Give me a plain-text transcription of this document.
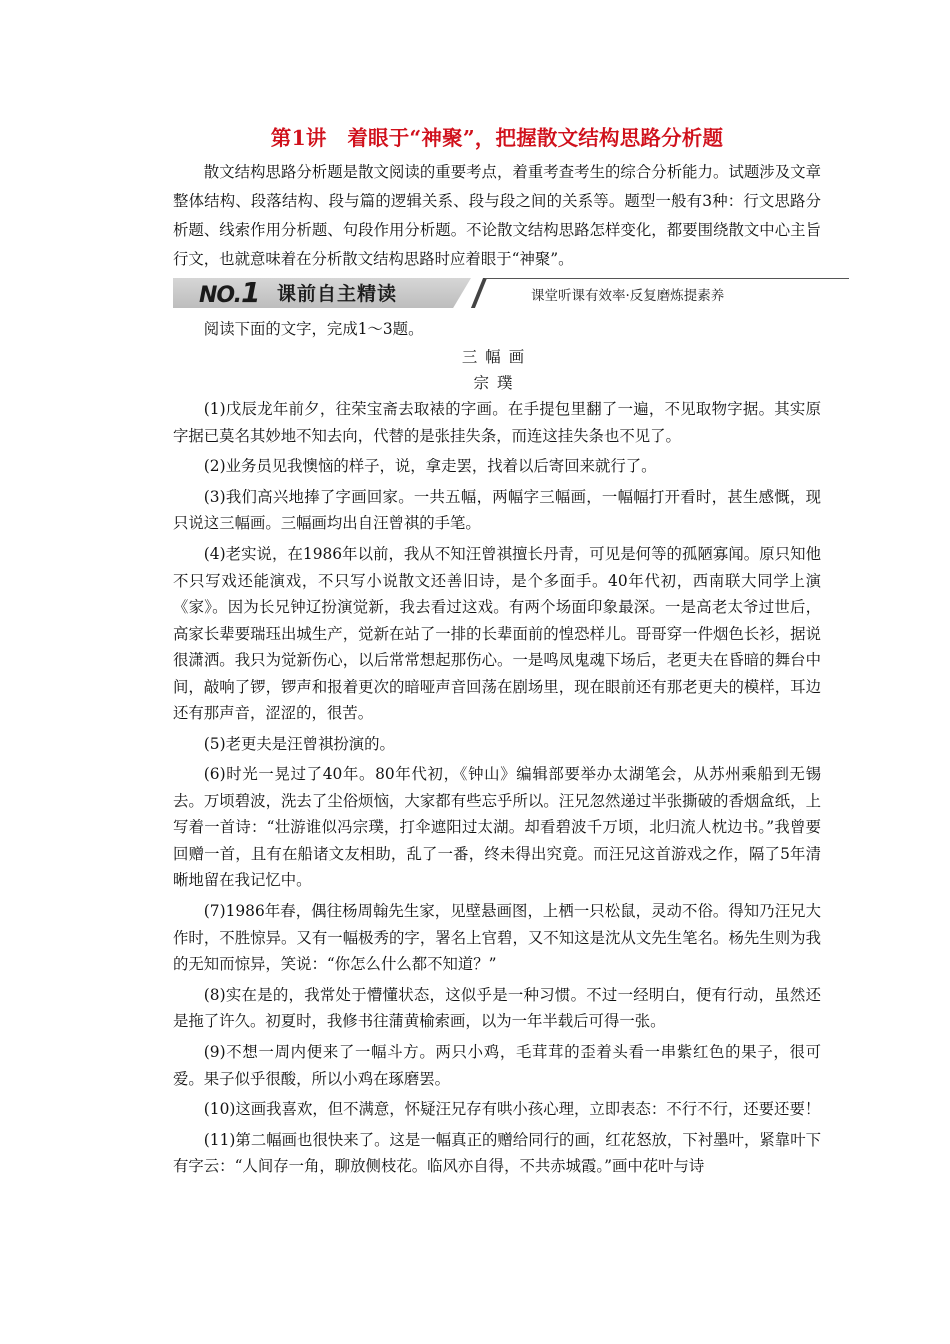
第1讲　着眼于“神聚”，把握散文结构思路分析题

散文结构思路分析题是散文阅读的重要考点，着重考查考生的综合分析能力。试题涉及文章整体结构、段落结构、段与篇的逻辑关系、段与段之间的关系等。题型一般有3种：行文思路分析题、线索作用分析题、句段作用分析题。不论散文结构思路怎样变化，都要围绕散文中心主旨行文，也就意味着在分析散文结构思路时应着眼于“神聚”。

NO.1 课前自主精读	课堂听课有效率·反复磨炼提素养

阅读下面的文字，完成1～3题。

三幅画
宗璞

(1)戊辰龙年前夕，往荣宝斋去取裱的字画。在手提包里翻了一遍，不见取物字据。其实原字据已莫名其妙地不知去向，代替的是张挂失条，而连这挂失条也不见了。

(2)业务员见我懊恼的样子，说，拿走罢，找着以后寄回来就行了。

(3)我们高兴地捧了字画回家。一共五幅，两幅字三幅画，一幅幅打开看时，甚生感慨，现只说这三幅画。三幅画均出自汪曾祺的手笔。

(4)老实说，在1986年以前，我从不知汪曾祺擅长丹青，可见是何等的孤陋寡闻。原只知他不只写戏还能演戏，不只写小说散文还善旧诗，是个多面手。40年代初，西南联大同学上演《家》。因为长兄钟辽扮演觉新，我去看过这戏。有两个场面印象最深。一是高老太爷过世后，高家长辈要瑞珏出城生产，觉新在站了一排的长辈面前的惶恐样儿。哥哥穿一件烟色长衫，据说很潇洒。我只为觉新伤心，以后常常想起那伤心。一是鸣凤鬼魂下场后，老更夫在昏暗的舞台中间，敲响了锣，锣声和报着更次的暗哑声音回荡在剧场里，现在眼前还有那老更夫的模样，耳边还有那声音，涩涩的，很苦。

(5)老更夫是汪曾祺扮演的。

(6)时光一晃过了40年。80年代初，《钟山》编辑部要举办太湖笔会，从苏州乘船到无锡去。万顷碧波，洗去了尘俗烦恼，大家都有些忘乎所以。汪兄忽然递过半张撕破的香烟盒纸，上写着一首诗：“壮游谁似冯宗璞，打伞遮阳过太湖。却看碧波千万顷，北归流人枕边书。”我曾要回赠一首，且有在船诸文友相助，乱了一番，终未得出究竟。而汪兄这首游戏之作，隔了5年清晰地留在我记忆中。

(7)1986年春，偶往杨周翰先生家，见壁悬画图，上栖一只松鼠，灵动不俗。得知乃汪兄大作时，不胜惊异。又有一幅极秀的字，署名上官碧，又不知这是沈从文先生笔名。杨先生则为我的无知而惊异，笑说：“你怎么什么都不知道？”

(8)实在是的，我常处于懵懂状态，这似乎是一种习惯。不过一经明白，便有行动，虽然还是拖了许久。初夏时，我修书往蒲黄榆索画，以为一年半载后可得一张。

(9)不想一周内便来了一幅斗方。两只小鸡，毛茸茸的歪着头看一串紫红色的果子，很可爱。果子似乎很酸，所以小鸡在琢磨罢。

(10)这画我喜欢，但不满意，怀疑汪兄存有哄小孩心理，立即表态：不行不行，还要还要！

(11)第二幅画也很快来了。这是一幅真正的赠给同行的画，红花怒放，下衬墨叶，紧靠叶下有字云：“人间存一角，聊放侧枝花。临风亦自得，不共赤城霞。”画中花叶与诗
